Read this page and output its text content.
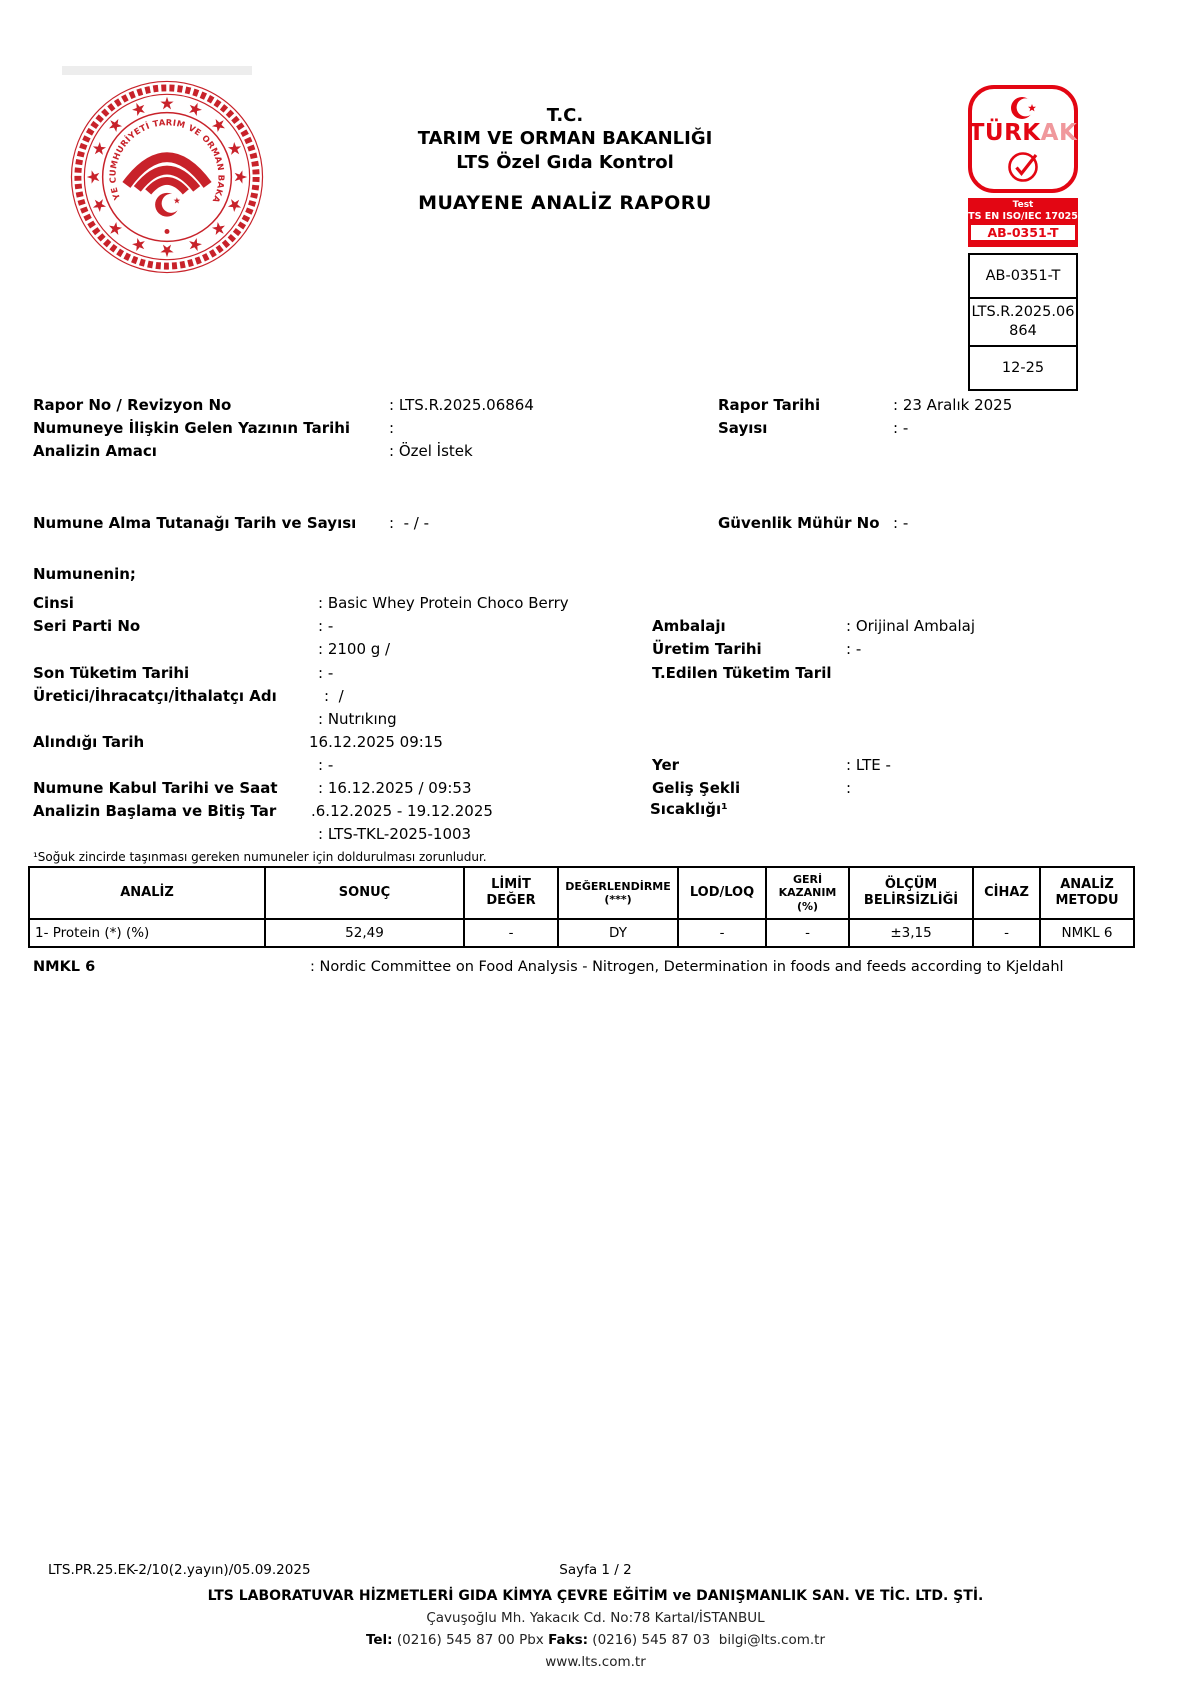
TÜRKİYE CUMHURİYETİ TARIM VE ORMAN BAKANLIĞI
T.C.
TARIM VE ORMAN BAKANLIĞI
LTS Özel Gıda Kontrol
MUAYENE ANALİZ RAPORU
TÜRKAK
Test
TS EN ISO/IEC 17025
AB-0351-T
AB-0351-T
LTS.R.2025.06864
12-25
Rapor No / Revizyon No	: LTS.R.2025.06864	Rapor Tarihi	: 23 Aralık 2025
Numuneye İlişkin Gelen Yazının Tarihi	:	Sayısı	: -
Analizin Amacı	: Özel İstek
Numune Alma Tutanağı Tarih ve Sayısı :  - / -	Güvenlik Mühür No : -
Numunenin;
Cinsi	: Basic Whey Protein Choco Berry
Seri Parti No	: -	Ambalajı	: Orijinal Ambalaj
: 2100 g /	Üretim Tarihi	: -
Son Tüketim Tarihi	: -	T.Edilen Tüketim Taril
Üretici/İhracatçı/İthalatçı Adı	:  /
: Nutrıkıng
Alındığı Tarih	16.12.2025 09:15
: -	Yer	: LTE -
Numune Kabul Tarihi ve Saat	: 16.12.2025 / 09:53	Geliş Şekli	:
Analizin Başlama ve Bitiş Tar .6.12.2025 - 19.12.2025	Sıcaklığı¹
: LTS-TKL-2025-1003
¹Soğuk zincirde taşınması gereken numuneler için doldurulması zorunludur.
ANALİZ	SONUÇ	LİMİT DEĞER	DEĞERLENDİRME (***)	LOD/LOQ	GERİ KAZANIM (%)	ÖLÇÜM BELİRSİZLİĞİ	CİHAZ	ANALİZ METODU
1- Protein (*) (%)	52,49	-	DY	-	-	±3,15	-	NMKL 6
NMKL 6	: Nordic Committee on Food Analysis - Nitrogen, Determination in foods and feeds according to Kjeldahl
LTS.PR.25.EK-2/10(2.yayın)/05.09.2025	Sayfa 1 / 2
LTS LABORATUVAR HİZMETLERİ GIDA KİMYA ÇEVRE EĞİTİM ve DANIŞMANLIK SAN. VE TİC. LTD. ŞTİ.
Çavuşoğlu Mh. Yakacık Cd. No:78 Kartal/İSTANBUL
Tel: (0216) 545 87 00 Pbx Faks: (0216) 545 87 03  bilgi@lts.com.tr
www.lts.com.tr
